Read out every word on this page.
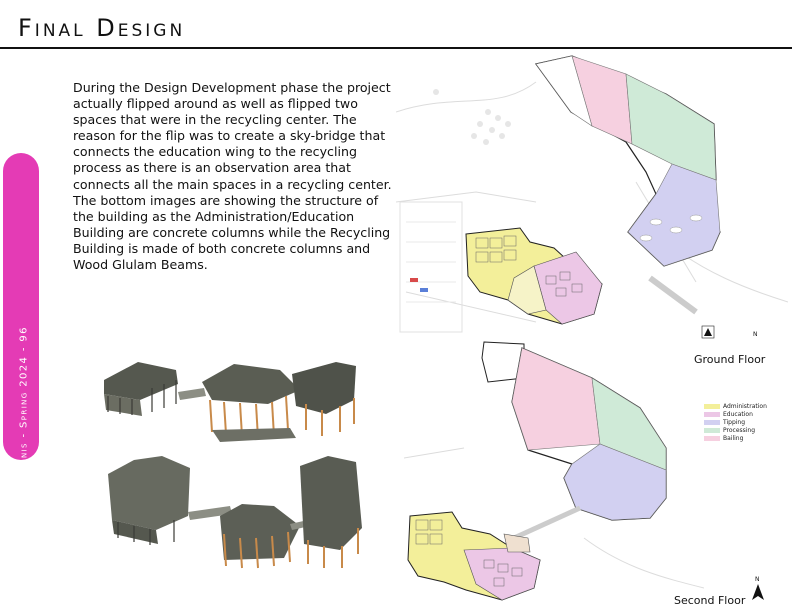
Final Design
ARC 621 - Danielle Bonis - Spring 2024 - 96
During the Design Development phase the project actually flipped around as well as flipped two spaces that were in the recycling center. The reason for the flip was to create a sky-bridge that connects the education wing to the recycling process as there is an observation area that connects all the main spaces in a recycling center. The bottom images are showing the structure of the building as the Administration/Education Building are concrete columns while the Recycling Building is made of both concrete columns and Wood Glulam Beams.
Ground Floor
N
Second Floor
N
Administration
Education
Tipping
Processing
Bailing
